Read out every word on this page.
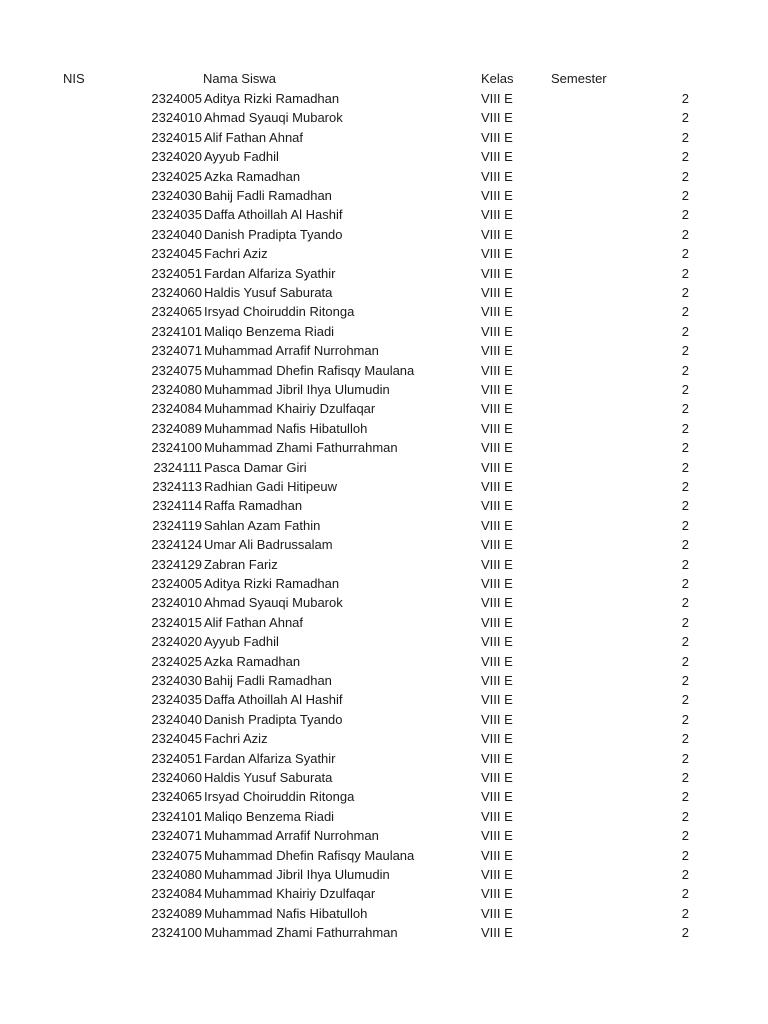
NIS	Nama Siswa	Kelas	Semester
2324005 Aditya Rizki Ramadhan	VIII E	2
2324010 Ahmad Syauqi Mubarok	VIII E	2
2324015 Alif Fathan Ahnaf	VIII E	2
2324020 Ayyub Fadhil	VIII E	2
2324025 Azka Ramadhan	VIII E	2
2324030 Bahij Fadli Ramadhan	VIII E	2
2324035 Daffa Athoillah Al Hashif	VIII E	2
2324040 Danish Pradipta Tyando	VIII E	2
2324045 Fachri Aziz	VIII E	2
2324051 Fardan Alfariza Syathir	VIII E	2
2324060 Haldis Yusuf Saburata	VIII E	2
2324065 Irsyad Choiruddin Ritonga	VIII E	2
2324101 Maliqo Benzema Riadi	VIII E	2
2324071 Muhammad Arrafif Nurrohman	VIII E	2
2324075 Muhammad Dhefin Rafisqy Maulana	VIII E	2
2324080 Muhammad Jibril Ihya Ulumudin	VIII E	2
2324084 Muhammad Khairiy Dzulfaqar	VIII E	2
2324089 Muhammad Nafis Hibatulloh	VIII E	2
2324100 Muhammad Zhami Fathurrahman	VIII E	2
2324111 Pasca Damar Giri	VIII E	2
2324113 Radhian Gadi Hitipeuw	VIII E	2
2324114 Raffa Ramadhan	VIII E	2
2324119 Sahlan Azam Fathin	VIII E	2
2324124 Umar Ali Badrussalam	VIII E	2
2324129 Zabran Fariz	VIII E	2
2324005 Aditya Rizki Ramadhan	VIII E	2
2324010 Ahmad Syauqi Mubarok	VIII E	2
2324015 Alif Fathan Ahnaf	VIII E	2
2324020 Ayyub Fadhil	VIII E	2
2324025 Azka Ramadhan	VIII E	2
2324030 Bahij Fadli Ramadhan	VIII E	2
2324035 Daffa Athoillah Al Hashif	VIII E	2
2324040 Danish Pradipta Tyando	VIII E	2
2324045 Fachri Aziz	VIII E	2
2324051 Fardan Alfariza Syathir	VIII E	2
2324060 Haldis Yusuf Saburata	VIII E	2
2324065 Irsyad Choiruddin Ritonga	VIII E	2
2324101 Maliqo Benzema Riadi	VIII E	2
2324071 Muhammad Arrafif Nurrohman	VIII E	2
2324075 Muhammad Dhefin Rafisqy Maulana	VIII E	2
2324080 Muhammad Jibril Ihya Ulumudin	VIII E	2
2324084 Muhammad Khairiy Dzulfaqar	VIII E	2
2324089 Muhammad Nafis Hibatulloh	VIII E	2
2324100 Muhammad Zhami Fathurrahman	VIII E	2
